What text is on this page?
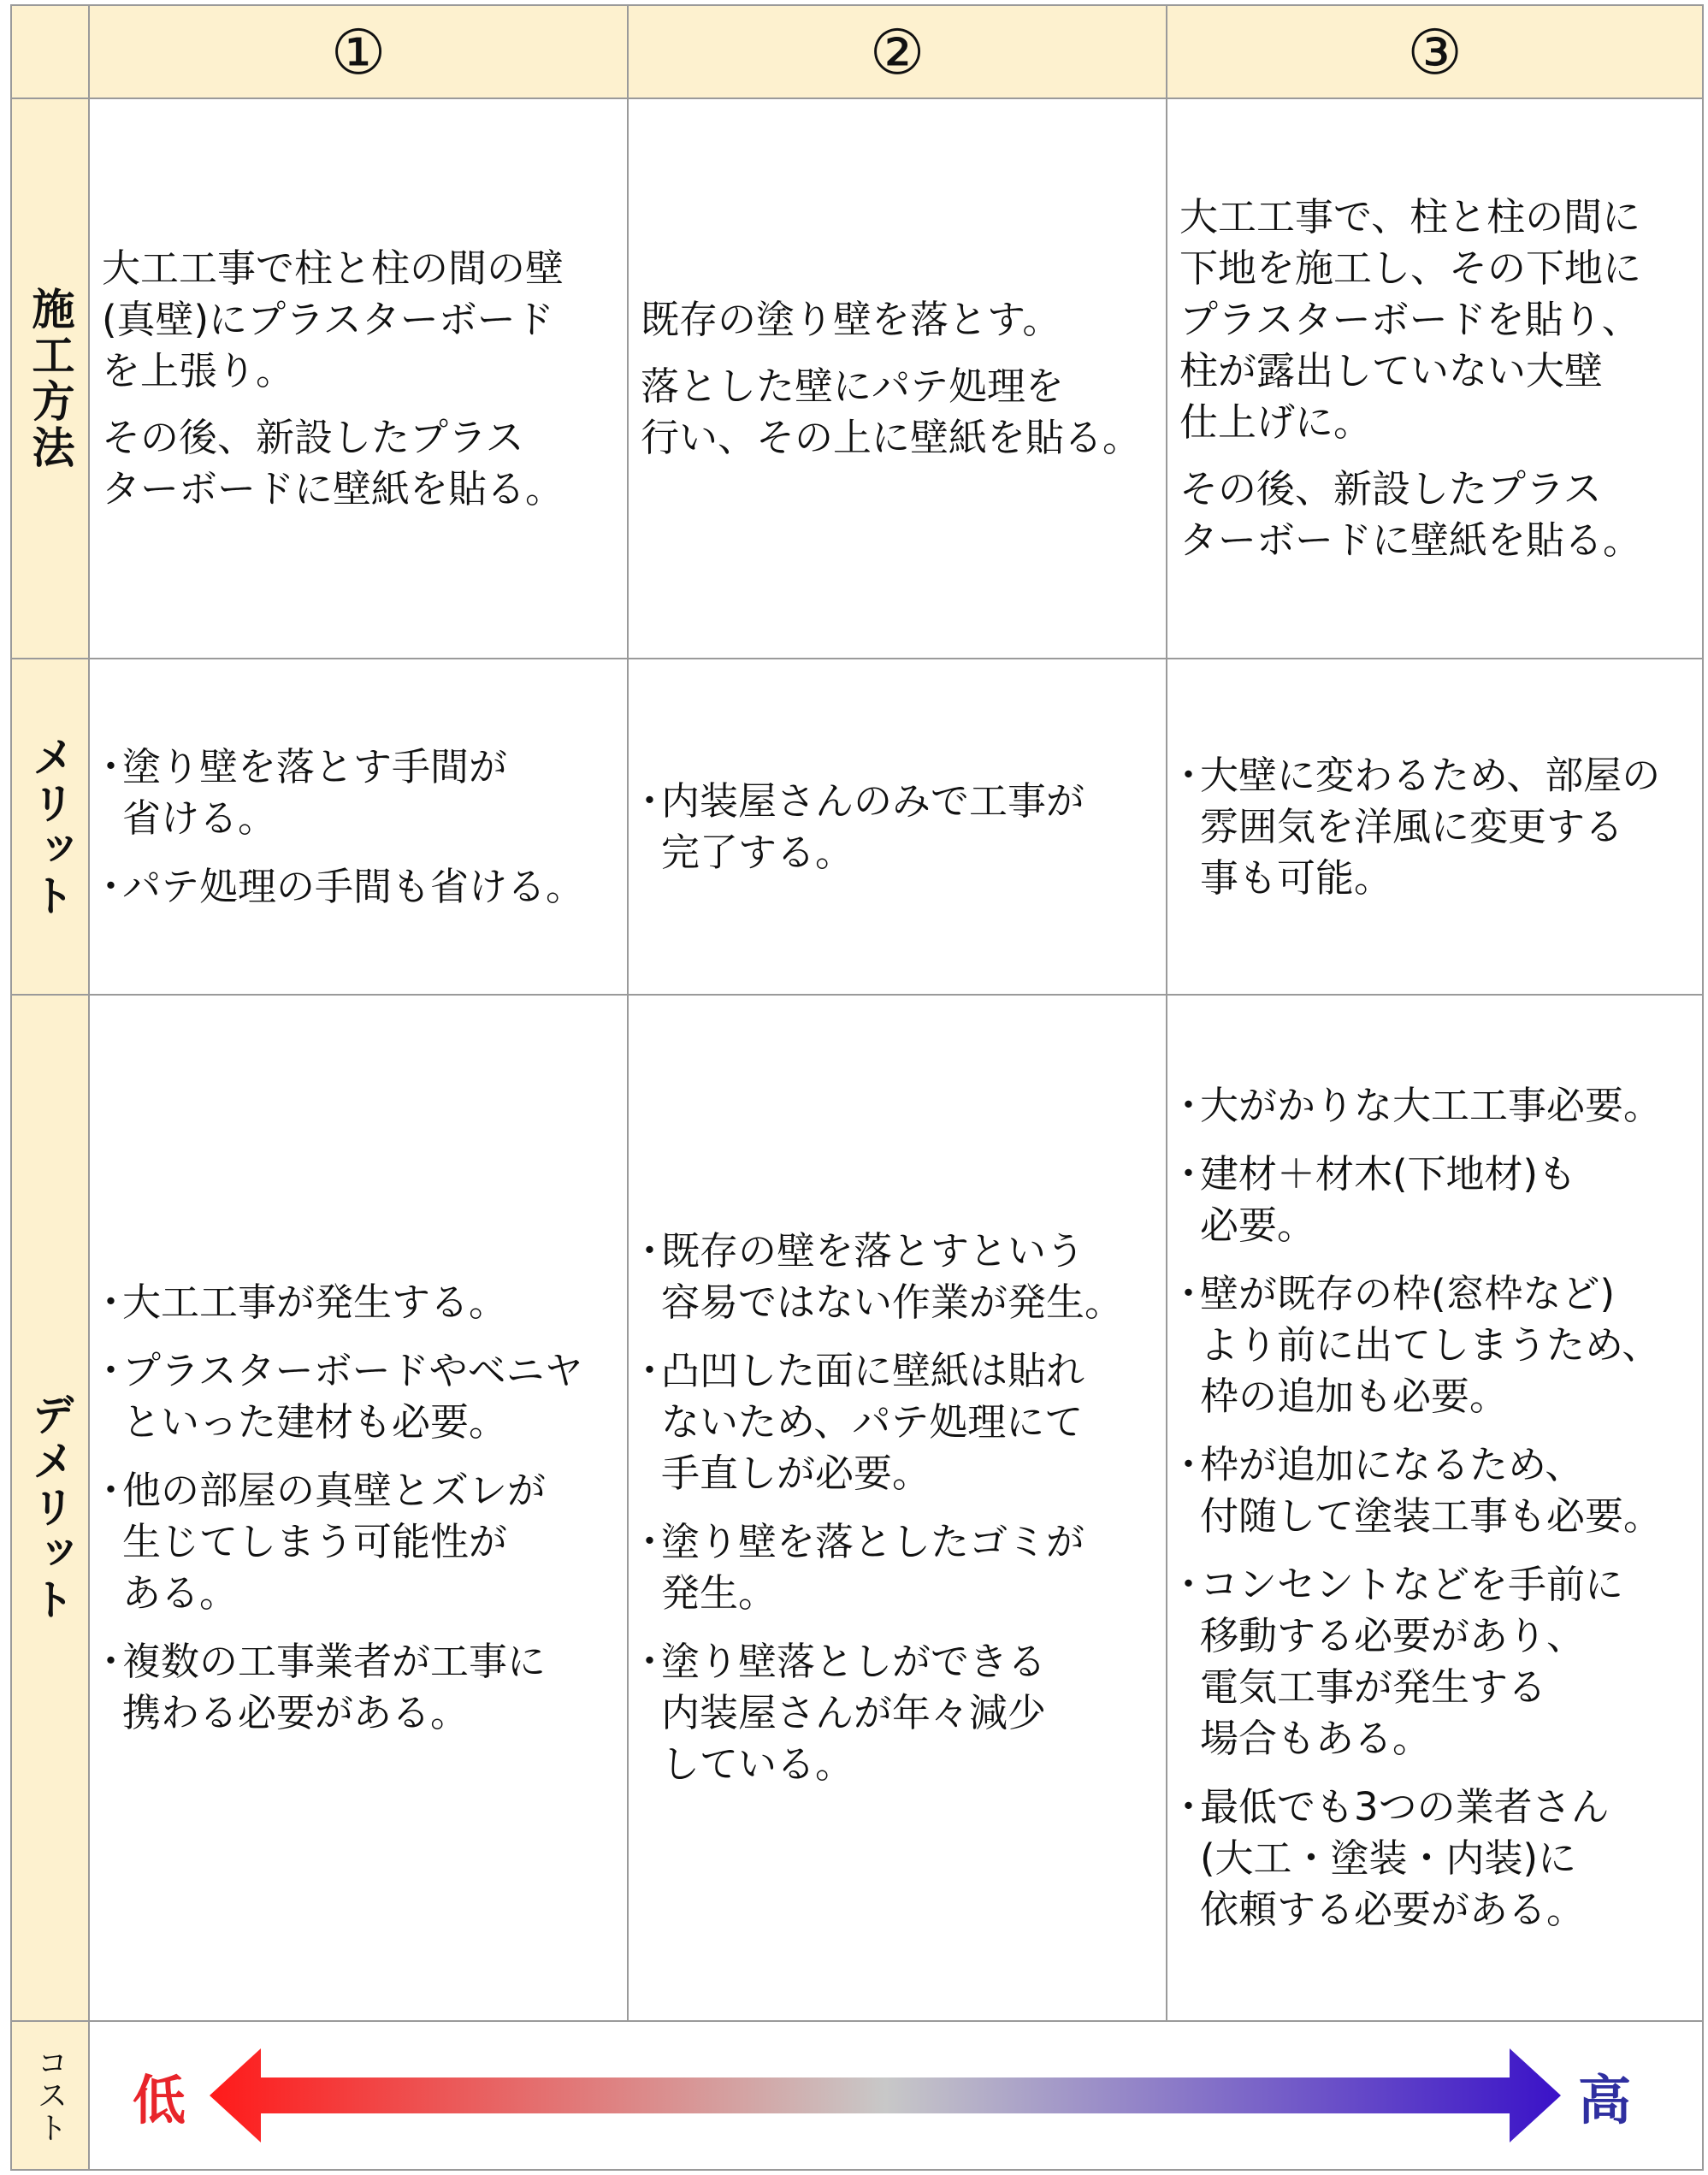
①	②	③
施工方法

大工工事で柱と柱の間の壁
(真壁)にプラスターボード
を上張り。

その後、新設したプラス
ターボードに壁紙を貼る。

既存の塗り壁を落とす。

落とした壁にパテ処理を
行い、その上に壁紙を貼る。

大工工事で、柱と柱の間に
下地を施工し、その下地に
プラスターボードを貼り、
柱が露出していない大壁
仕上げに。

その後、新設したプラス
ターボードに壁紙を貼る。

メリット
・	塗り壁を落とす手間が
省ける。
・ パテ処理の手間も省ける。
・ 内装屋さんのみで工事が
完了する。
・ 大壁に変わるため、部屋の
雰囲気を洋風に変更する
事も可能。
デメリット
・ 大工工事が発生する。
・ プラスターボードやベニヤ
といった建材も必要。
・ 他の部屋の真壁とズレが
生じてしまう可能性が
ある。
・ 複数の工事業者が工事に
携わる必要がある。
・ 既存の壁を落とすという
容易ではない作業が発生。
・ 凸凹した面に壁紙は貼れ
ないため、パテ処理にて
手直しが必要。
・ 塗り壁を落としたゴミが
発生。
・ 塗り壁落としができる
内装屋さんが年々減少
している。
・ 大がかりな大工工事必要。
・ 建材＋材木(下地材)も
必要。
・ 壁が既存の枠(窓枠など)
より前に出てしまうため、
枠の追加も必要。
・ 枠が追加になるため、
付随して塗装工事も必要。
・ コンセントなどを手前に
移動する必要があり、
電気工事が発生する
場合もある。
・ 最低でも3つの業者さん
(大工・塗装・内装)に
依頼する必要がある。
コスト 低	高
